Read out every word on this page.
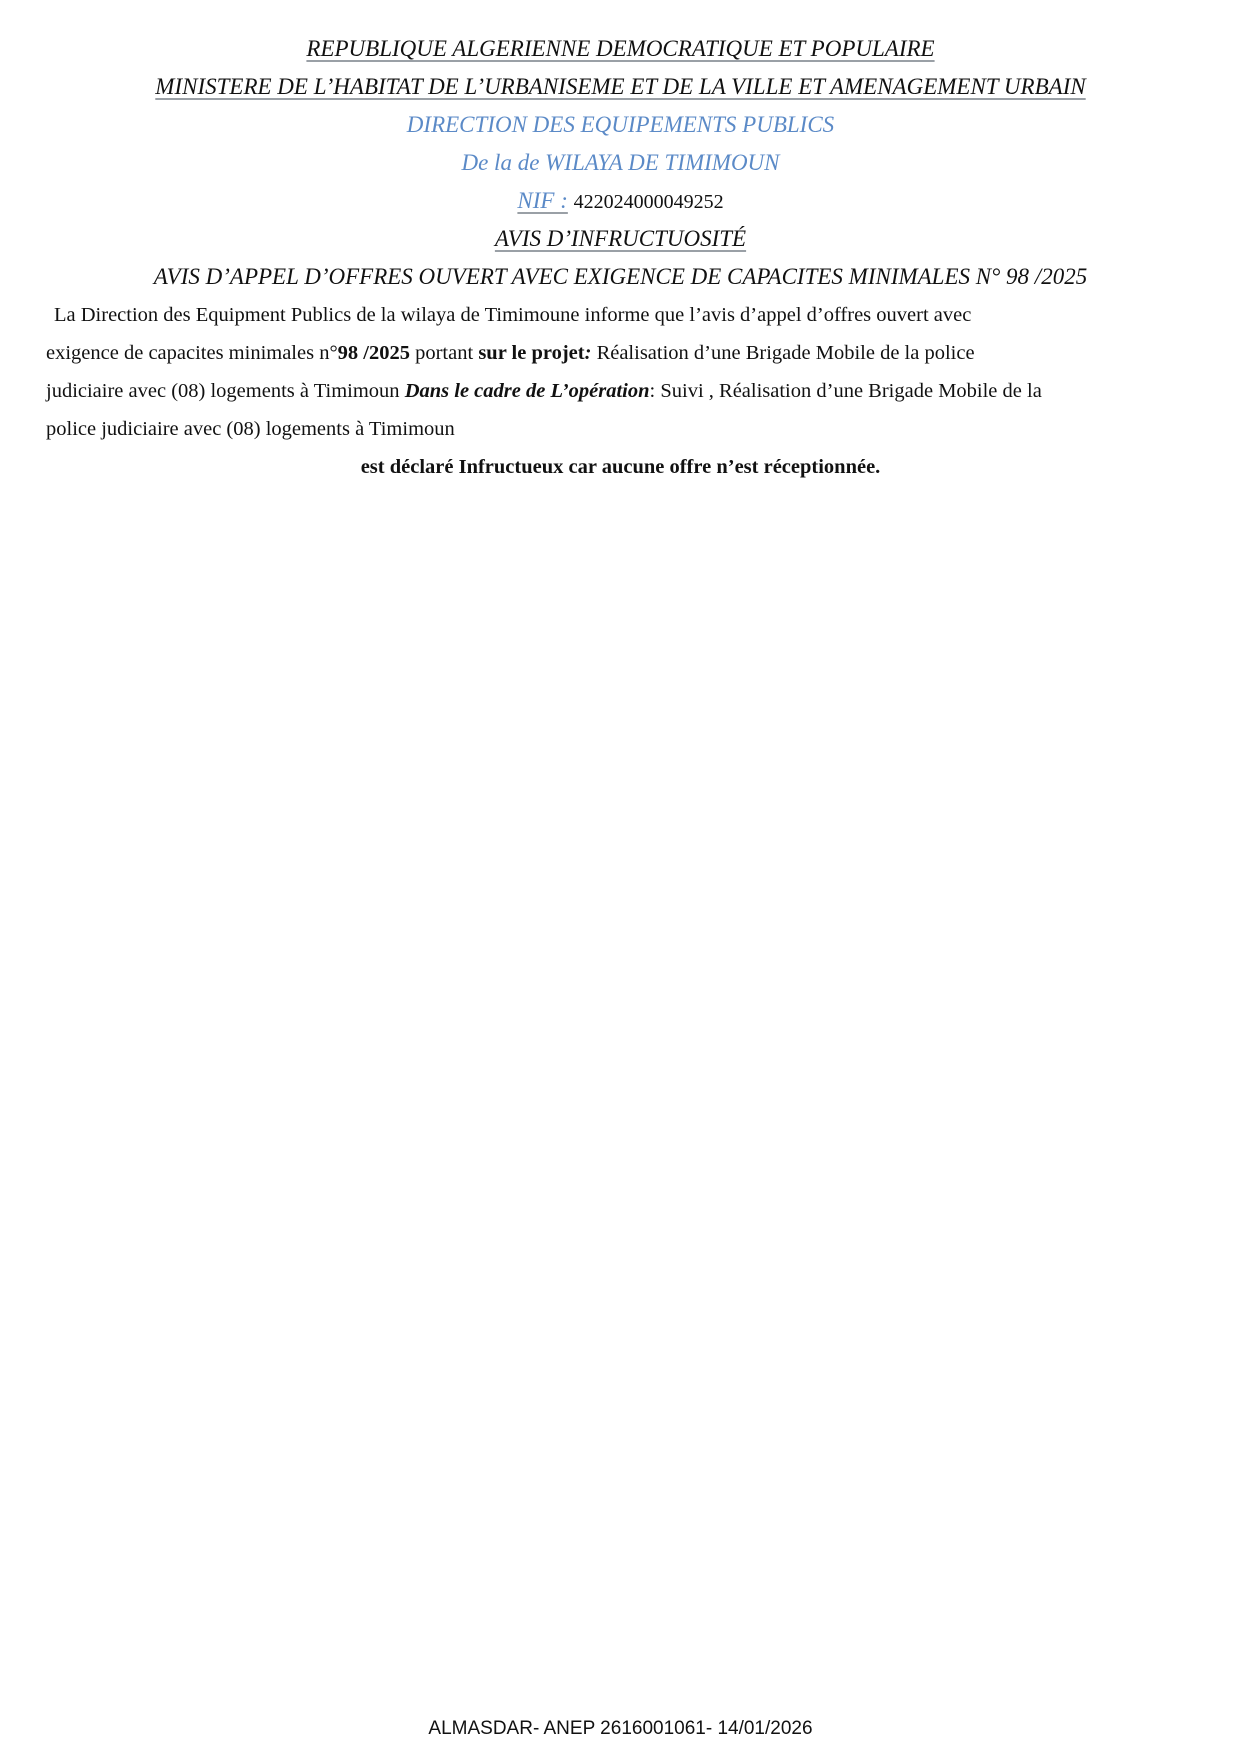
REPUBLIQUE ALGERIENNE DEMOCRATIQUE ET POPULAIRE
MINISTERE DE L’HABITAT DE L’URBANISEME ET DE LA VILLE ET AMENAGEMENT URBAIN
DIRECTION DES EQUIPEMENTS PUBLICS
De la de WILAYA DE TIMIMOUN
NIF : 422024000049252
AVIS D’INFRUCTUOSITÉ
AVIS D’APPEL D’OFFRES OUVERT AVEC EXIGENCE DE CAPACITES MINIMALES N° 98 /2025
La Direction des Equipment Publics de la wilaya de Timimoune informe que l’avis d’appel d’offres ouvert avec
exigence de capacites minimales n°98 /2025 portant sur le projet: Réalisation d’une Brigade Mobile de la police
judiciaire avec (08) logements à Timimoun Dans le cadre de L’opération: Suivi , Réalisation d’une Brigade Mobile de la
police judiciaire avec (08) logements à Timimoun
est déclaré Infructueux car aucune offre n’est réceptionnée.
ALMASDAR- ANEP 2616001061- 14/01/2026
